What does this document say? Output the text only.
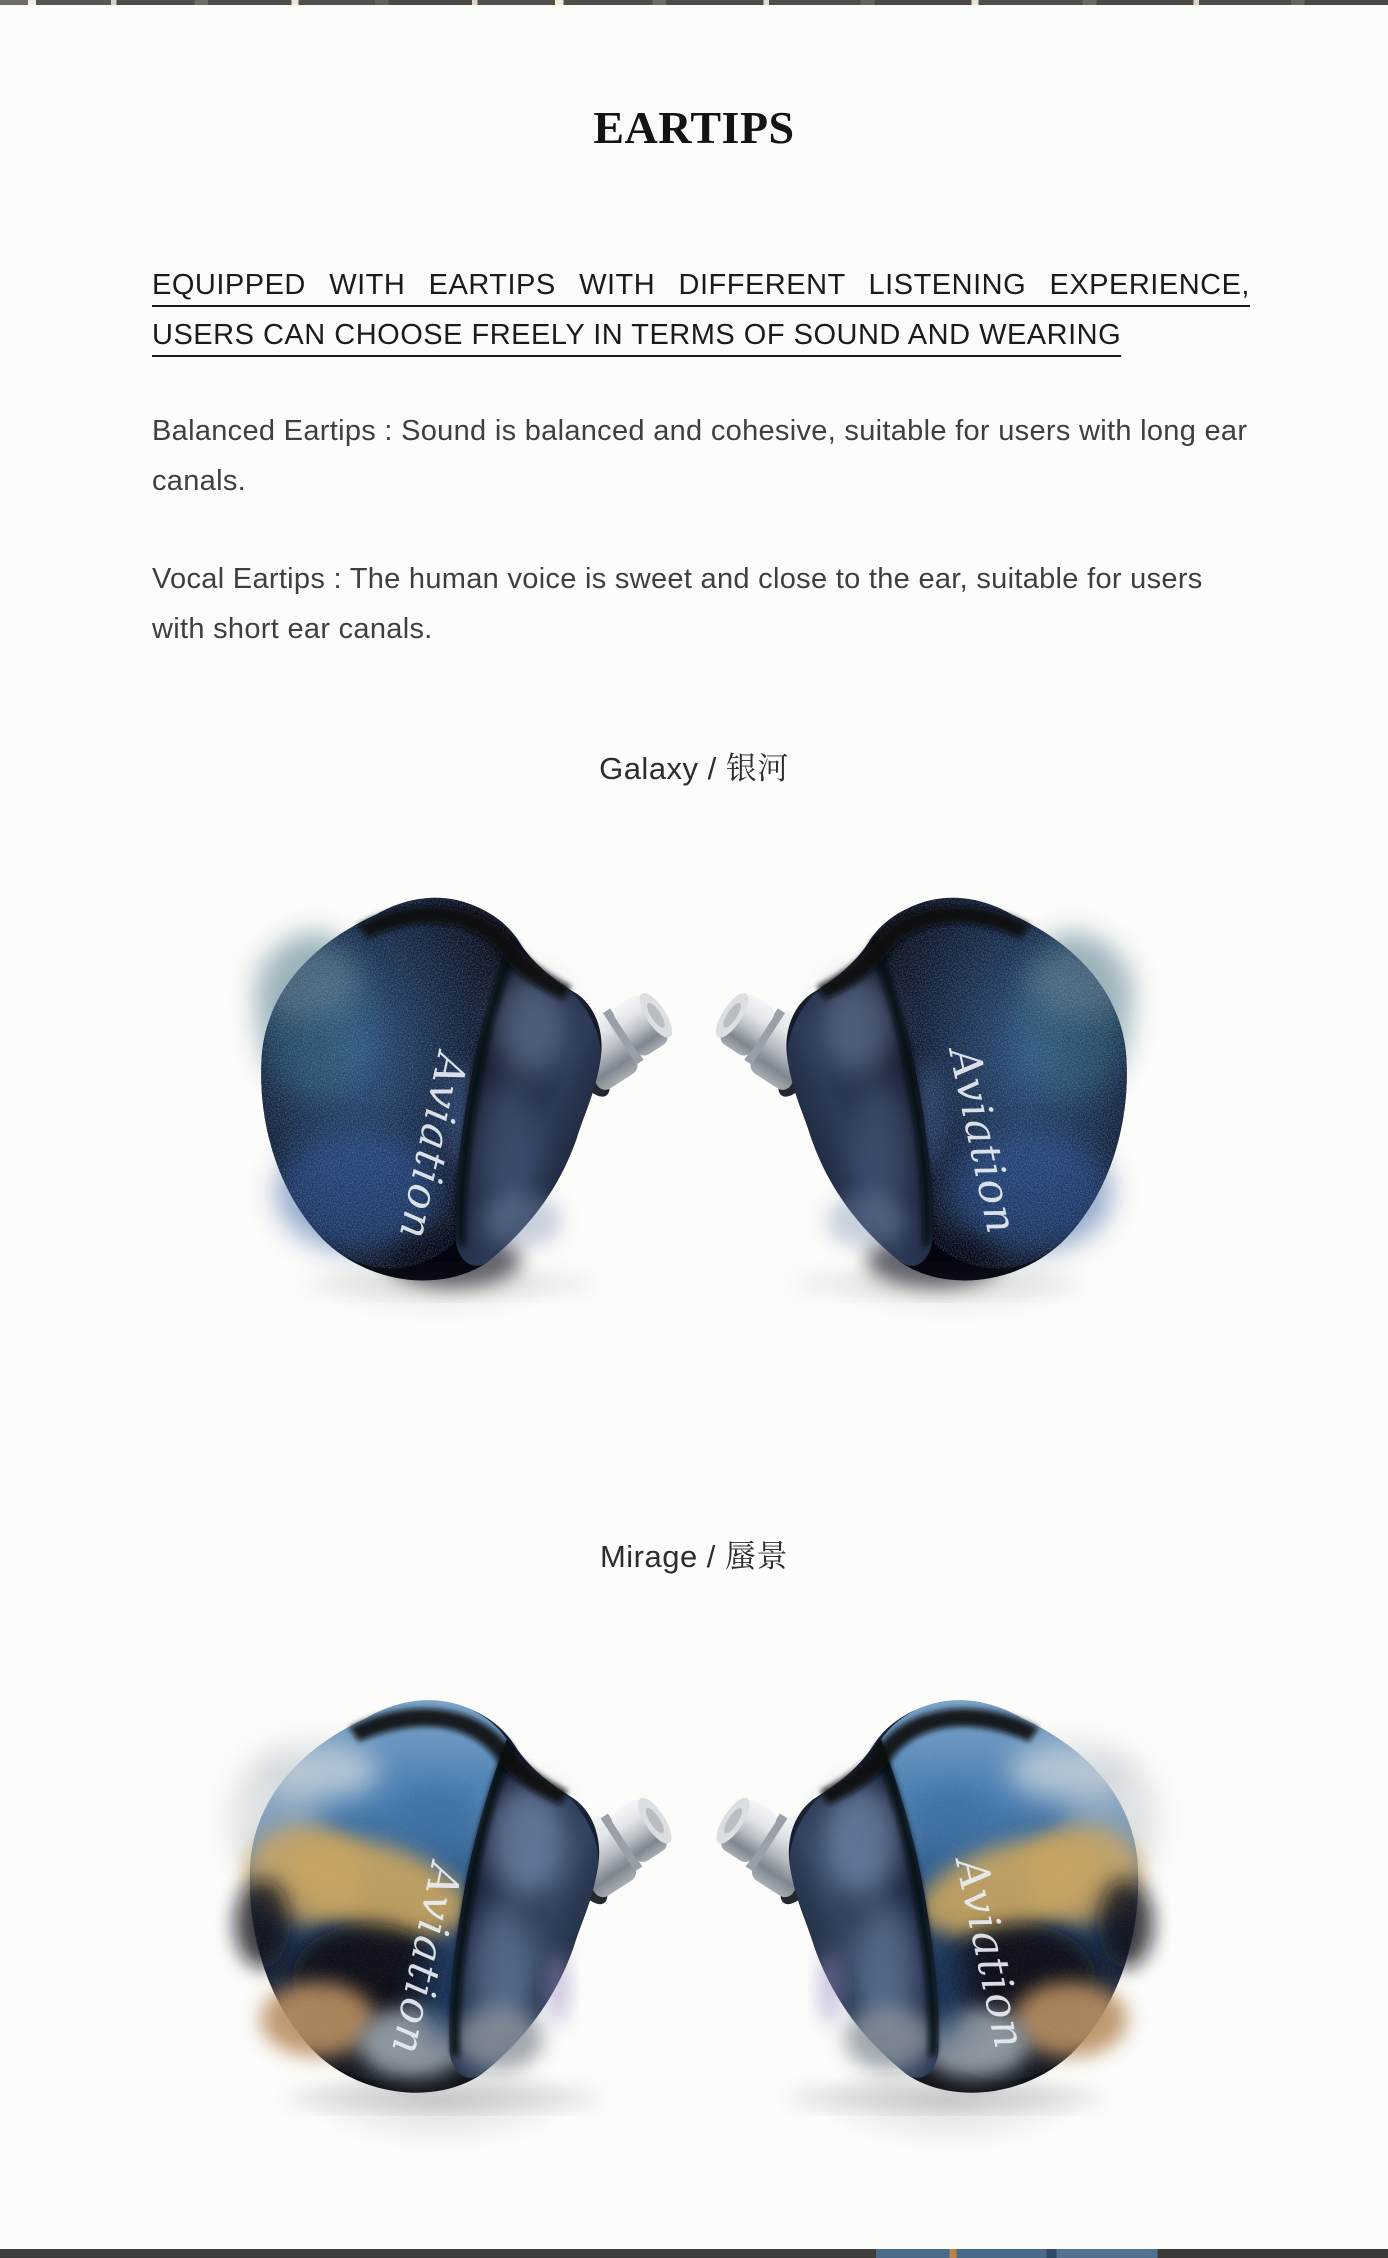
EARTIPS
EQUIPPED WITH EARTIPS WITH DIFFERENT LISTENING EXPERIENCE,
USERS CAN CHOOSE FREELY IN TERMS OF SOUND AND WEARING

Balanced Eartips : Sound is balanced and cohesive, suitable for users with long ear canals.

Vocal Eartips : The human voice is sweet and close to the ear, suitable for users with short ear canals.

Galaxy / 银河
Aviation	Aviation
Mirage / 蜃景
Aviation	Aviation
